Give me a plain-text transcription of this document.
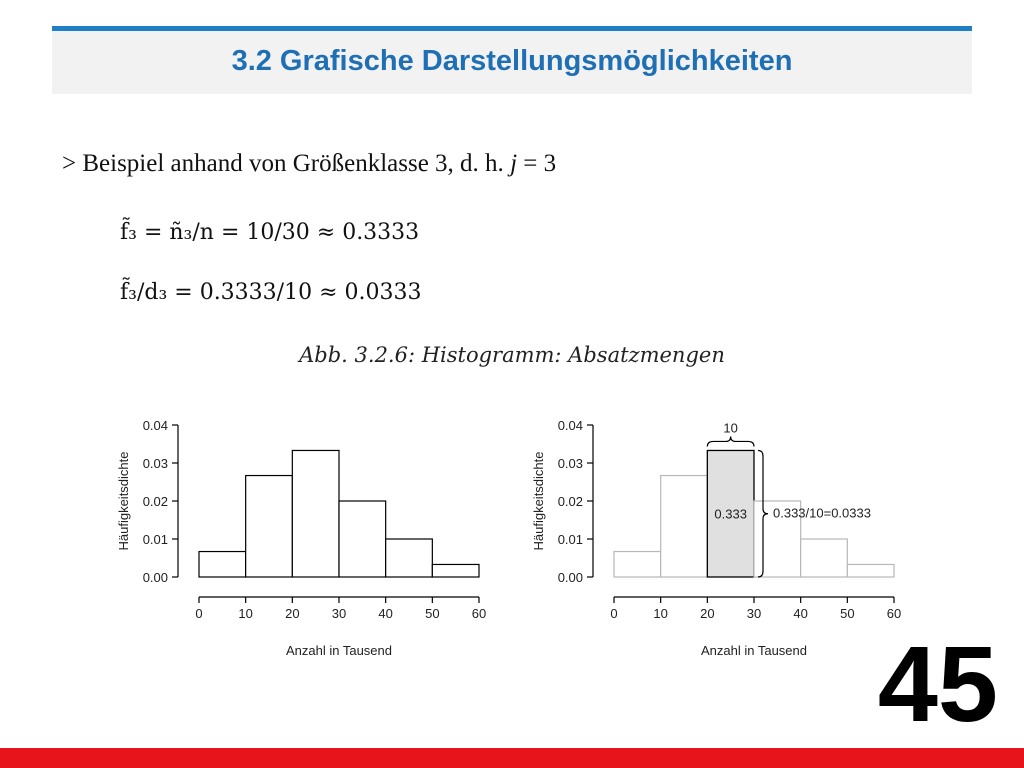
3.2 Grafische Darstellungsmöglichkeiten
> Beispiel anhand von Größenklasse 3, d. h. j = 3
f̃₃ = ñ₃/n = 10/30 ≈ 0.3333
f̃₃/d₃ = 0.3333/10 ≈ 0.0333
Abb. 3.2.6: Histogramm: Absatzmengen
0.00
0.01
0.02
0.03
0.04
0	10 20 30 40 50 60
Anzahl in Tausend
Häufigkeitsdichte
0.00
0.01
0.02
0.03
0.04
0	10 20 30 40 50 60
Anzahl in Tausend
Häufigkeitsdichte
10
0.333 0.333/10=0.0333
45
